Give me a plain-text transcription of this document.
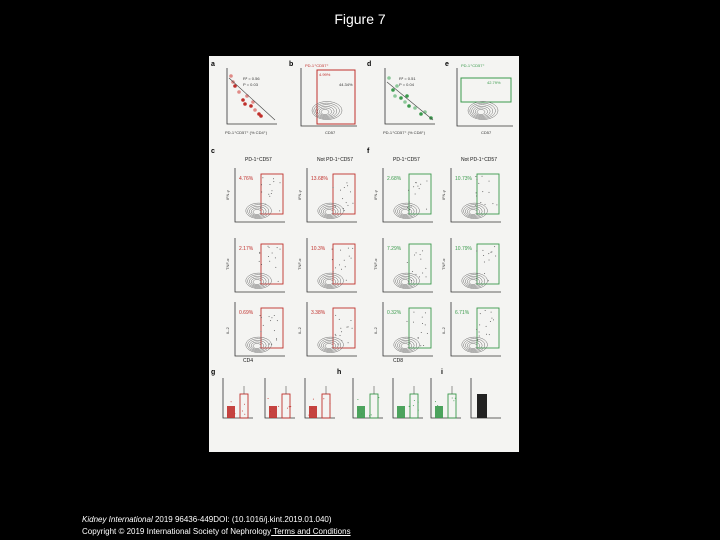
Figure 7
a	b
c
d	e
f
g	h	i
R² = 0.56
P = 0.03
PD-1⁺CD57⁺ (% CD4⁺)
PD-1⁺CD57⁺
4.99%
44.34%
CD57
R² = 0.51
P = 0.04
PD-1⁺CD57⁺ (% CD8⁺)
PD-1⁺CD57⁺
42.79%
CD57
PD-1⁺CD57	Not PD-1⁺CD57	PD-1⁺CD57	Not PD-1⁺CD57
IFN-γ
4.76%
IFN-γ
13.68%
IFN-γ
2.68%
IFN-γ
10.73%
TNF-α
2.17%
TNF-α
10.3%
TNF-α
7.29%
TNF-α
10.79%
IL-2
0.69%
IL-2
3.38%
IL-2
0.32%
IL-2
6.71%
CD4	CD8
Kidney International 2019 96436-449DOI: (10.1016/j.kint.2019.01.040)
Copyright © 2019 International Society of Nephrology Terms and Conditions
